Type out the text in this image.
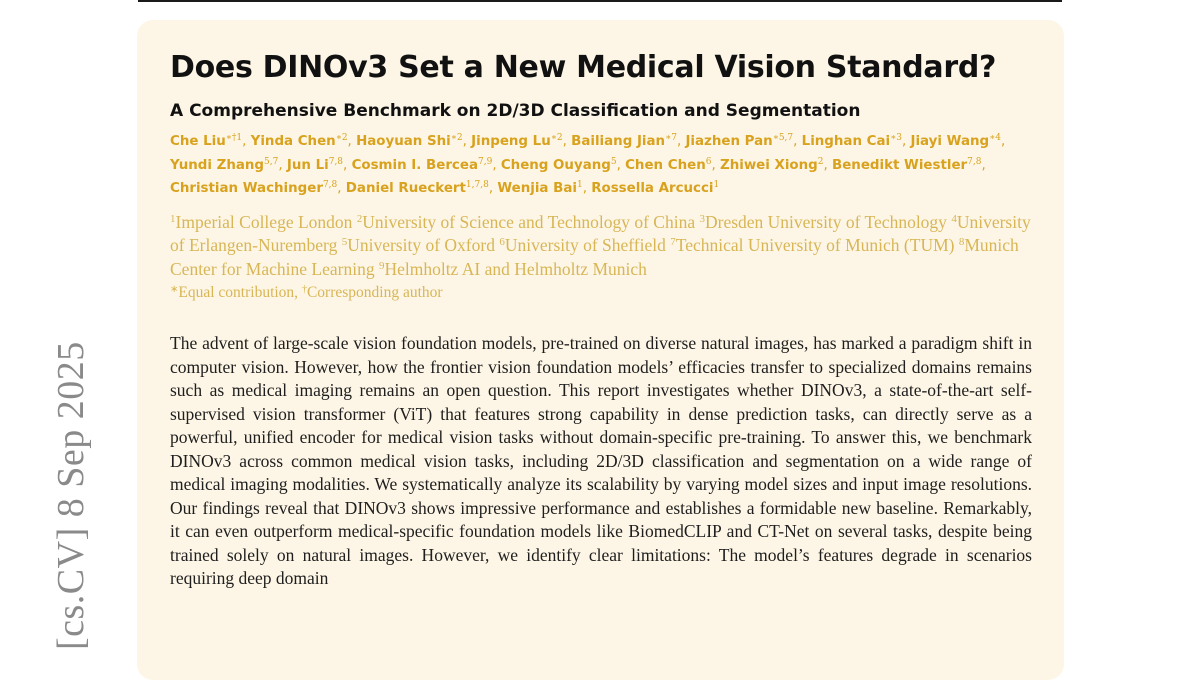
[cs.CV] 8 Sep 2025
Does DINOv3 Set a New Medical Vision Standard?
A Comprehensive Benchmark on 2D/3D Classification and Segmentation
Che Liu$^{∗\dagger 1}$, Yinda Chen$^{∗2}$, Haoyuan Shi$^{∗2}$, Jinpeng $Lu^{∗2}$, Bailiang Jian$^{∗7}$, Jiazhen Pan$^{∗5,7}$, Linghan Cai$^{∗3}$, Jiayi Wang$^{∗4}$, Yundi Zhang$^{5,7}$, Jun Li$^{7,8}$, Cosmin I. Bercea$^{7,9}$, Cheng Ouyang$^5$, Chen Chen$^6$, Zhiwei Xiong$^2$, Benedikt Wiestler$^{7,8}$, Christian Wachinger$^{7,8}$, Daniel Rueckert$^{1,7,8}$, Wenjia Bai$^1$, Rossella Arcucci$^1$
$^1$Imperial College London $^2$University of Science and Technology of China $^3$Dresden University of Technology $^4$University of Erlangen-Nuremberg $^5$University of Oxford $^6$University of Sheffield $^7$Technical University of Munich (TUM) $^8$Munich Center for Machine Learning $^9$Helmholtz AI and Helmholtz Munich
∗Equal contribution, †Corresponding author

The advent of large-scale vision foundation models, pre-trained on diverse natural images, has marked a paradigm shift in computer vision. However, how the frontier vision foundation models’ efficacies transfer to specialized domains remains such as medical imaging remains an open question. This report investigates whether DINOv3, a state-of-the-art self-supervised vision transformer (ViT) that features strong capability in dense prediction tasks, can directly serve as a powerful, unified encoder for medical vision tasks without domain-specific pre-training. To answer this, we benchmark DINOv3 across common medical vision tasks, including 2D/3D classification and segmentation on a wide range of medical imaging modalities. We systematically analyze its scalability by varying model sizes and input image resolutions. Our findings reveal that DINOv3 shows impressive performance and establishes a formidable new baseline. Remarkably, it can even outperform medical-specific foundation models like BiomedCLIP and CT-Net on several tasks, despite being trained solely on natural images. However, we identify clear limitations: The model’s features degrade in scenarios requiring deep domain
